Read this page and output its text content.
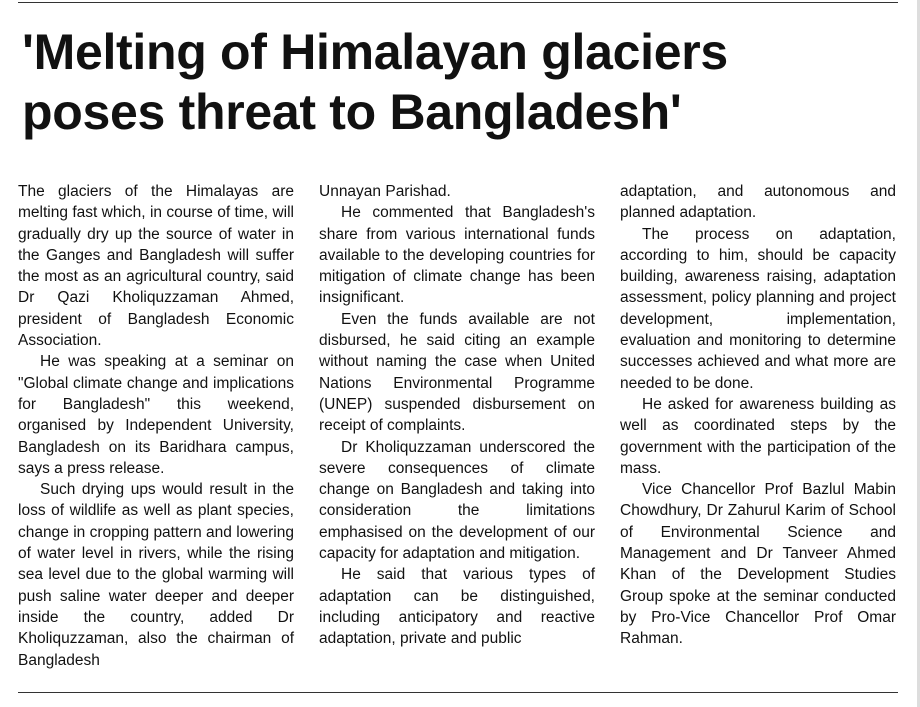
'Melting of Himalayan glaciers
poses threat to Bangladesh'

The glaciers of the Himalayas are melting fast which, in course of time, will gradually dry up the source of water in the Ganges and Bangladesh will suffer the most as an agricultural country, said Dr Qazi Kholiquzzaman Ahmed, president of Bangladesh Economic Association.

He was speaking at a seminar on "Global climate change and implications for Bangladesh" this weekend, organised by Independent University, Bangladesh on its Baridhara campus, says a press release.

Such drying ups would result in the loss of wildlife as well as plant species, change in cropping pattern and lowering of water level in rivers, while the rising sea level due to the global warming will push saline water deeper and deeper inside the country, added Dr Kholiquzzaman, also the chairman of Bangladesh

Unnayan Parishad.

He commented that Bangladesh's share from various international funds available to the developing countries for mitigation of climate change has been insignificant.

Even the funds available are not disbursed, he said citing an example without naming the case when United Nations Environmental Programme (UNEP) suspended disbursement on receipt of complaints.

Dr Kholiquzzaman underscored the severe consequences of climate change on Bangladesh and taking into consideration the limitations emphasised on the development of our capacity for adaptation and mitigation.

He said that various types of adaptation can be distinguished, including anticipatory and reactive adaptation, private and public

adaptation, and autonomous and planned adaptation.

The process on adaptation, according to him, should be capacity building, awareness raising, adaptation assessment, policy planning and project development, implementation, evaluation and monitoring to determine successes achieved and what more are needed to be done.

He asked for awareness building as well as coordinated steps by the government with the participation of the mass.

Vice Chancellor Prof Bazlul Mabin Chowdhury, Dr Zahurul Karim of School of Environmental Science and Management and Dr Tanveer Ahmed Khan of the Development Studies Group spoke at the seminar conducted by Pro-Vice Chancellor Prof Omar Rahman.
